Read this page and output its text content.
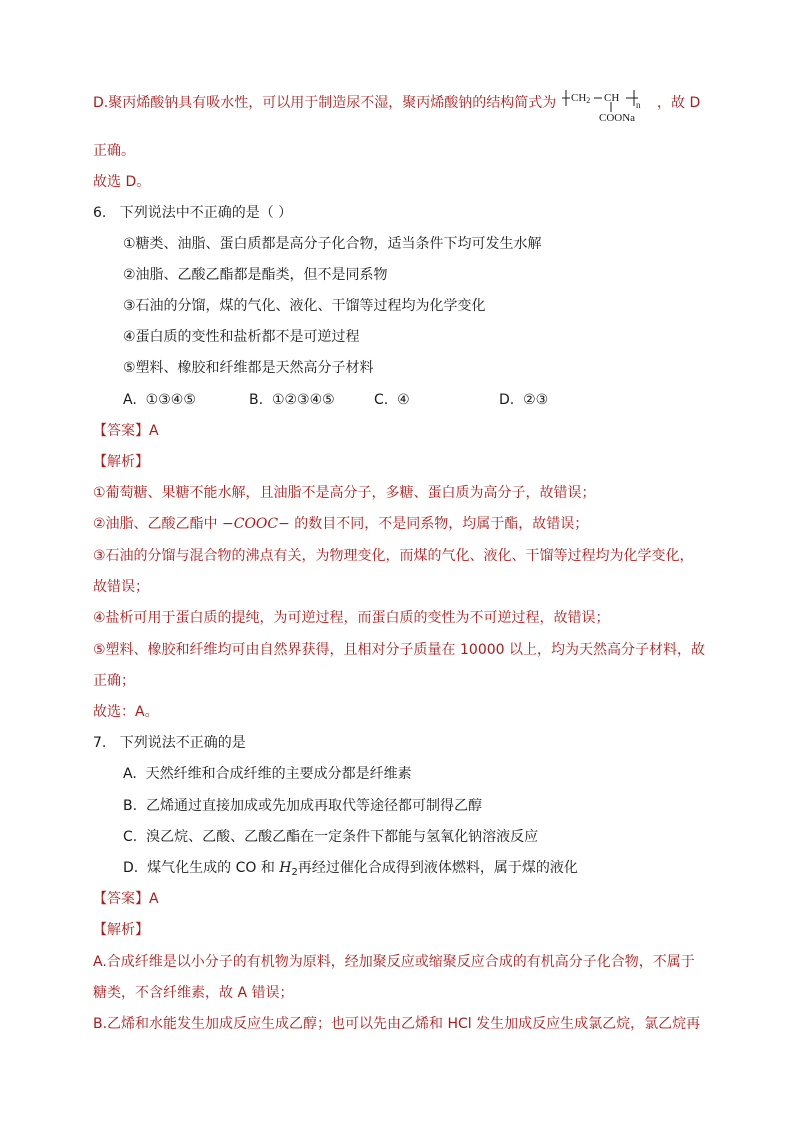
D.聚丙烯酸钠具有吸水性，可以用于制造尿不湿，聚丙烯酸钠的结构简式为 CH2 CH
n
COONa
，故 D
正确。
故选 D。
6.   下列说法中不正确的是（ ）
①糖类、油脂、蛋白质都是高分子化合物，适当条件下均可发生水解
②油脂、乙酸乙酯都是酯类，但不是同系物
③石油的分馏，煤的气化、液化、干馏等过程均为化学变化
④蛋白质的变性和盐析都不是可逆过程
⑤塑料、橡胶和纤维都是天然高分子材料
A.  ①③④⑤	B.  ①②③④⑤	C.  ④	D.  ②③
【答案】A
【解析】
①葡萄糖、果糖不能水解，且油脂不是高分子，多糖、蛋白质为高分子，故错误；
②油脂、乙酸乙酯中 −COOC− 的数目不同，不是同系物，均属于酯，故错误；
③石油的分馏与混合物的沸点有关，为物理变化，而煤的气化、液化、干馏等过程均为化学变化，
故错误；
④盐析可用于蛋白质的提纯，为可逆过程，而蛋白质的变性为不可逆过程，故错误；
⑤塑料、橡胶和纤维均可由自然界获得，且相对分子质量在 10000 以上，均为天然高分子材料，故
正确；
故选：A。
7.   下列说法不正确的是
A.  天然纤维和合成纤维的主要成分都是纤维素
B.  乙烯通过直接加成或先加成再取代等途径都可制得乙醇
C.  溴乙烷、乙酸、乙酸乙酯在一定条件下都能与氢氧化钠溶液反应
D.  煤气化生成的 CO 和 $H_2$再经过催化合成得到液体燃料，属于煤的液化
【答案】A
【解析】
A.合成纤维是以小分子的有机物为原料，经加聚反应或缩聚反应合成的有机高分子化合物，不属于
糖类，不含纤维素，故 A 错误；
B.乙烯和水能发生加成反应生成乙醇；也可以先由乙烯和 HCl 发生加成反应生成氯乙烷，氯乙烷再
